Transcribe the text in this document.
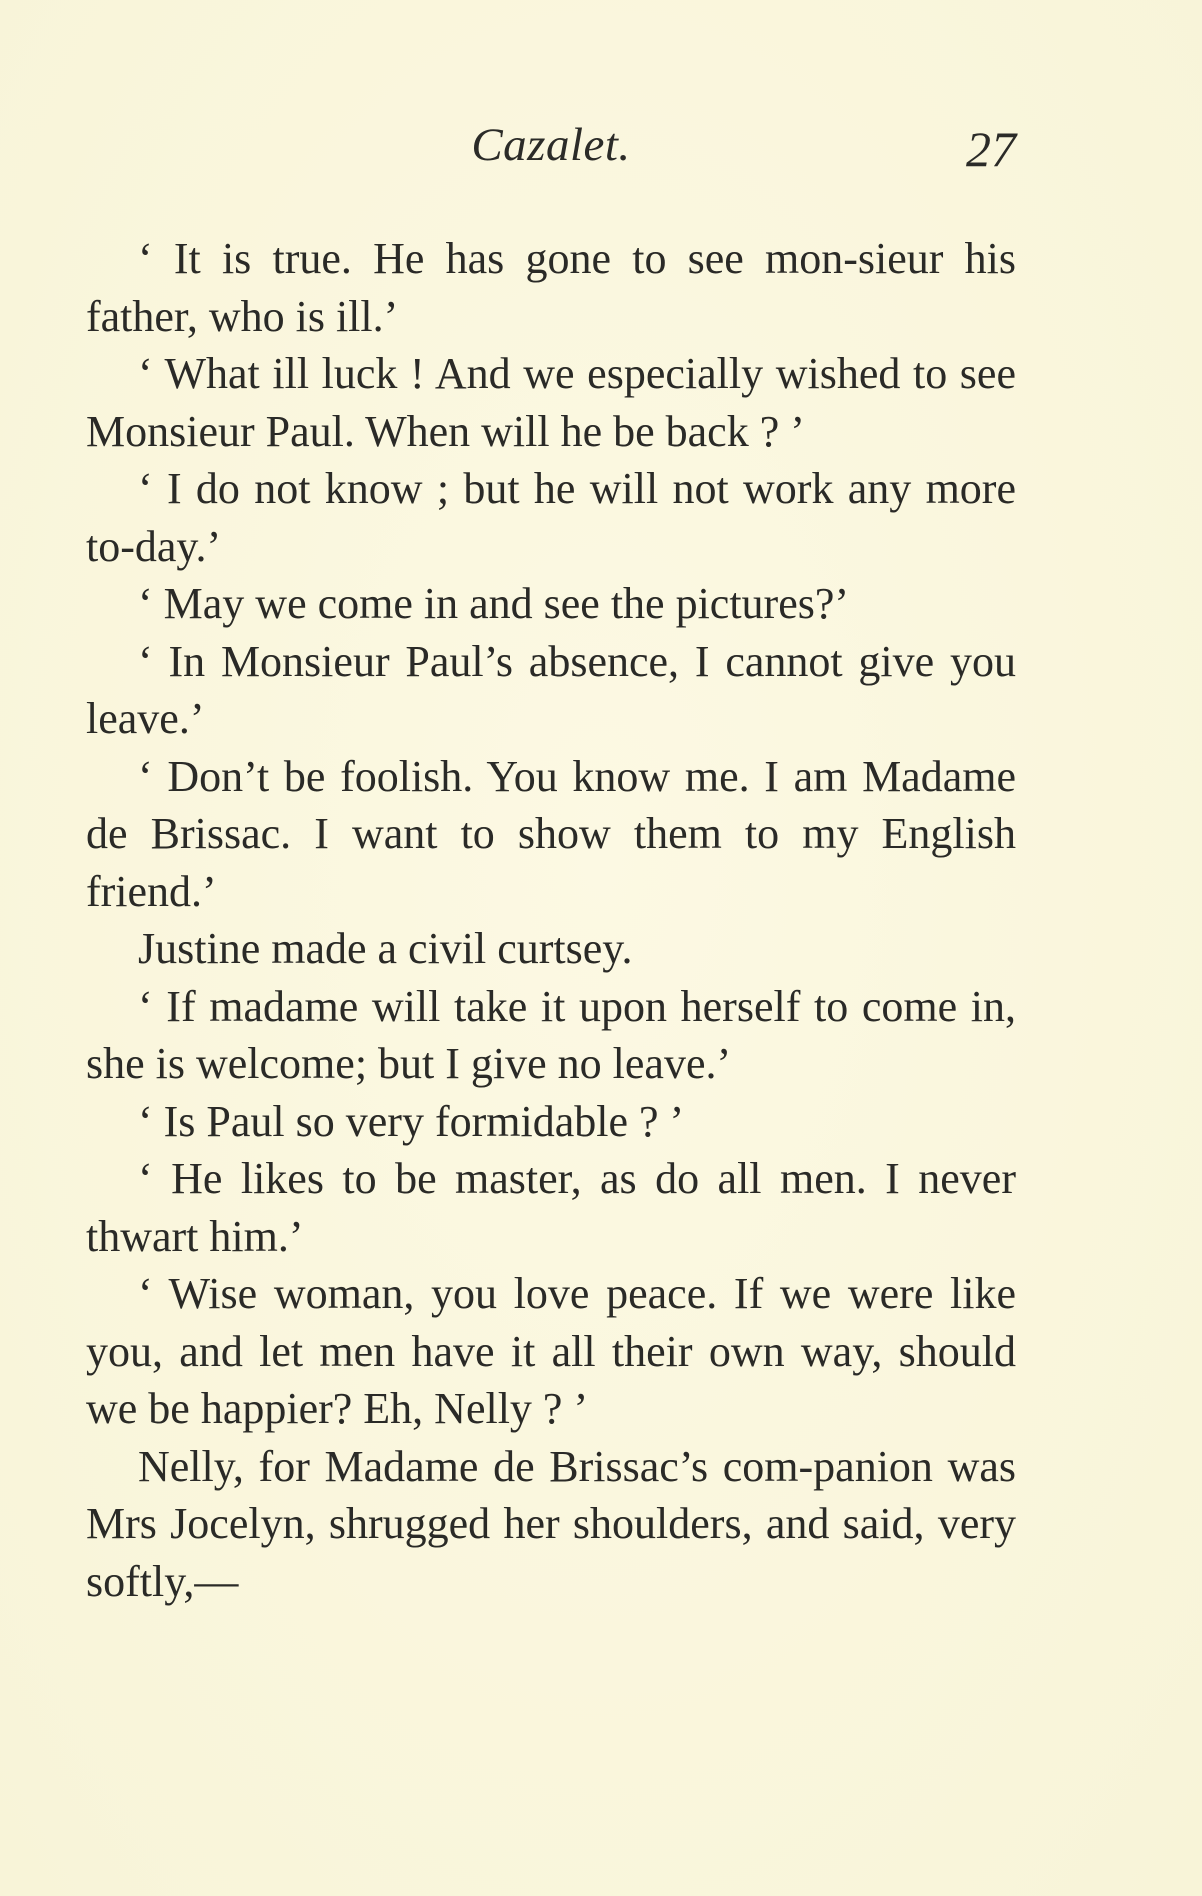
Cazalet.	27

‘ It is true. He has gone to see mon-sieur his father, who is ill.’

‘ What ill luck ! And we especially wished to see Monsieur Paul. When will he be back ? ’

‘ I do not know ; but he will not work any more to-day.’

‘ May we come in and see the pictures?’

‘ In Monsieur Paul’s absence, I cannot give you leave.’

‘ Don’t be foolish. You know me. I am Madame de Brissac. I want to show them to my English friend.’

Justine made a civil curtsey.

‘ If madame will take it upon herself to come in, she is welcome; but I give no leave.’

‘ Is Paul so very formidable ? ’

‘ He likes to be master, as do all men. I never thwart him.’

‘ Wise woman, you love peace. If we were like you, and let men have it all their own way, should we be happier? Eh, Nelly ? ’

Nelly, for Madame de Brissac’s com-panion was Mrs Jocelyn, shrugged her shoulders, and said, very softly,—
